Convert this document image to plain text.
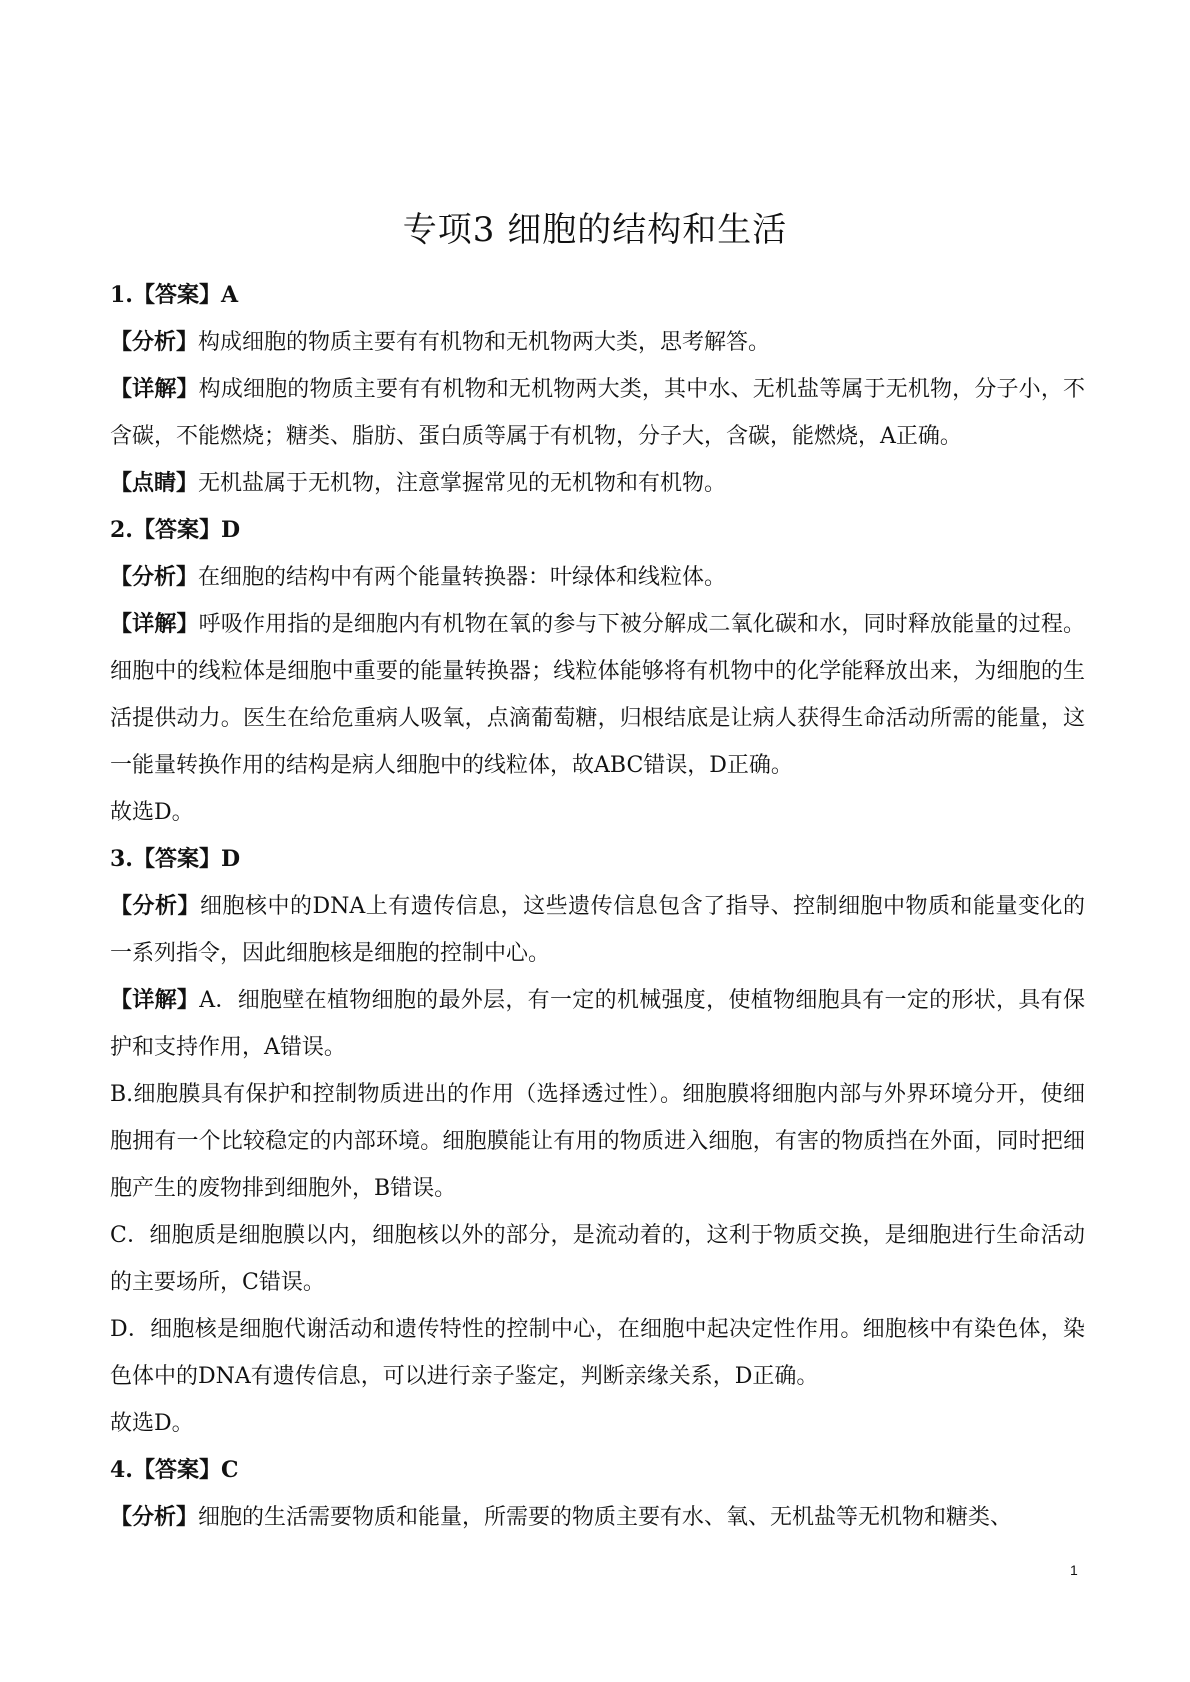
专项3 细胞的结构和生活
1.【答案】A
【分析】构成细胞的物质主要有有机物和无机物两大类，思考解答。
【详解】构成细胞的物质主要有有机物和无机物两大类，其中水、无机盐等属于无机物，分子小，不含碳，不能燃烧；糖类、脂肪、蛋白质等属于有机物，分子大，含碳，能燃烧，A正确。
【点睛】无机盐属于无机物，注意掌握常见的无机物和有机物。
2.【答案】D
【分析】在细胞的结构中有两个能量转换器：叶绿体和线粒体。
【详解】呼吸作用指的是细胞内有机物在氧的参与下被分解成二氧化碳和水，同时释放能量的过程。细胞中的线粒体是细胞中重要的能量转换器；线粒体能够将有机物中的化学能释放出来，为细胞的生活提供动力。医生在给危重病人吸氧，点滴葡萄糖，归根结底是让病人获得生命活动所需的能量，这一能量转换作用的结构是病人细胞中的线粒体，故ABC错误，D正确。
故选D。
3.【答案】D
【分析】细胞核中的DNA上有遗传信息，这些遗传信息包含了指导、控制细胞中物质和能量变化的一系列指令，因此细胞核是细胞的控制中心。
【详解】A．细胞壁在植物细胞的最外层，有一定的机械强度，使植物细胞具有一定的形状，具有保护和支持作用，A错误。
B.细胞膜具有保护和控制物质进出的作用（选择透过性）。细胞膜将细胞内部与外界环境分开，使细胞拥有一个比较稳定的内部环境。细胞膜能让有用的物质进入细胞，有害的物质挡在外面，同时把细胞产生的废物排到细胞外，B错误。
C．细胞质是细胞膜以内，细胞核以外的部分，是流动着的，这利于物质交换，是细胞进行生命活动的主要场所，C错误。
D．细胞核是细胞代谢活动和遗传特性的控制中心，在细胞中起决定性作用。细胞核中有染色体，染色体中的DNA有遗传信息，可以进行亲子鉴定，判断亲缘关系，D正确。
故选D。
4.【答案】C
【分析】细胞的生活需要物质和能量，所需要的物质主要有水、氧、无机盐等无机物和糖类、
1
